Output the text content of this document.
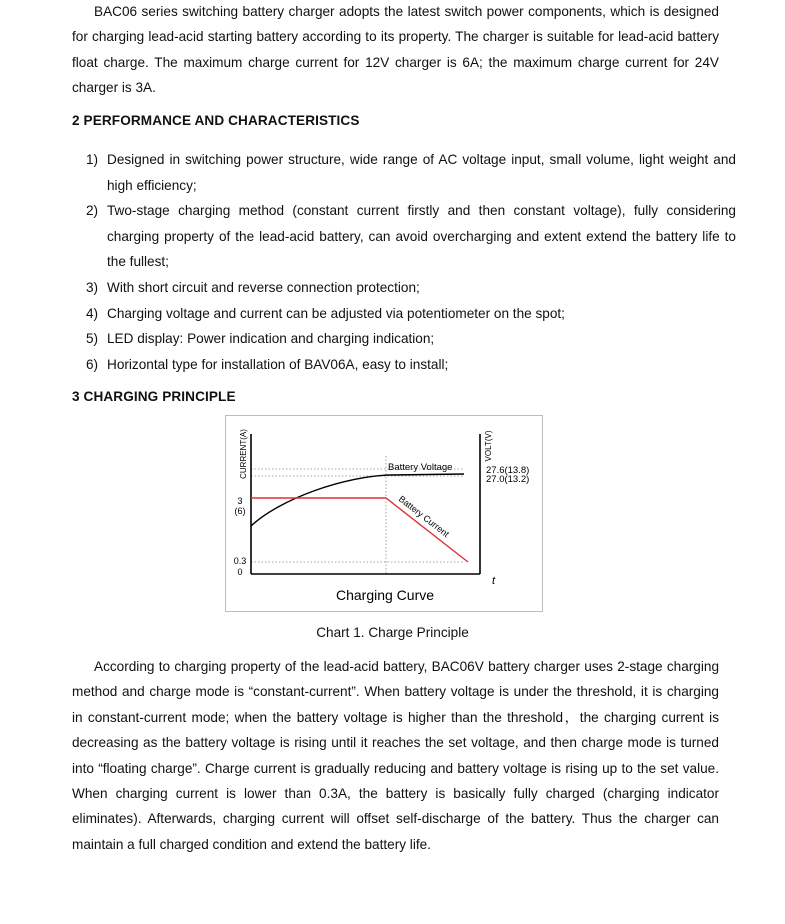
BAC06 series switching battery charger adopts the latest switch power components, which is designed for charging lead-acid starting battery according to its property. The charger is suitable for lead-acid battery float charge. The maximum charge current for 12V charger is 6A; the maximum charge current for 24V charger is 3A.

2 PERFORMANCE AND CHARACTERISTICS
1) Designed in switching power structure, wide range of AC voltage input, small volume, light weight and high efficiency;
2) Two-stage charging method (constant current firstly and then constant voltage), fully considering charging property of the lead-acid battery, can avoid overcharging and extent extend the battery life to the fullest;
3) With short circuit and reverse connection protection;
4) Charging voltage and current can be adjusted via potentiometer on the spot;
5) LED display: Power indication and charging indication;
6) Horizontal type for installation of BAV06A, easy to install;
3 CHARGING PRINCIPLE
CURRENT(A)	VOLT(V)
3
(6)
0.3
0
27.6(13.8)
27.0(13.2)
Battery Voltage
Battery Current
t
Charging Curve
Chart 1. Charge Principle

According to charging property of the lead-acid battery, BAC06V battery charger uses 2-stage charging method and charge mode is “constant-current”. When battery voltage is under the threshold, it is charging in constant-current mode; when the battery voltage is higher than the threshold，the charging current is decreasing as the battery voltage is rising until it reaches the set voltage, and then charge mode is turned into “floating charge”. Charge current is gradually reducing and battery voltage is rising up to the set value. When charging current is lower than 0.3A, the battery is basically fully charged (charging indicator eliminates). Afterwards, charging current will offset self-discharge of the battery. Thus the charger can maintain a full charged condition and extend the battery life.
